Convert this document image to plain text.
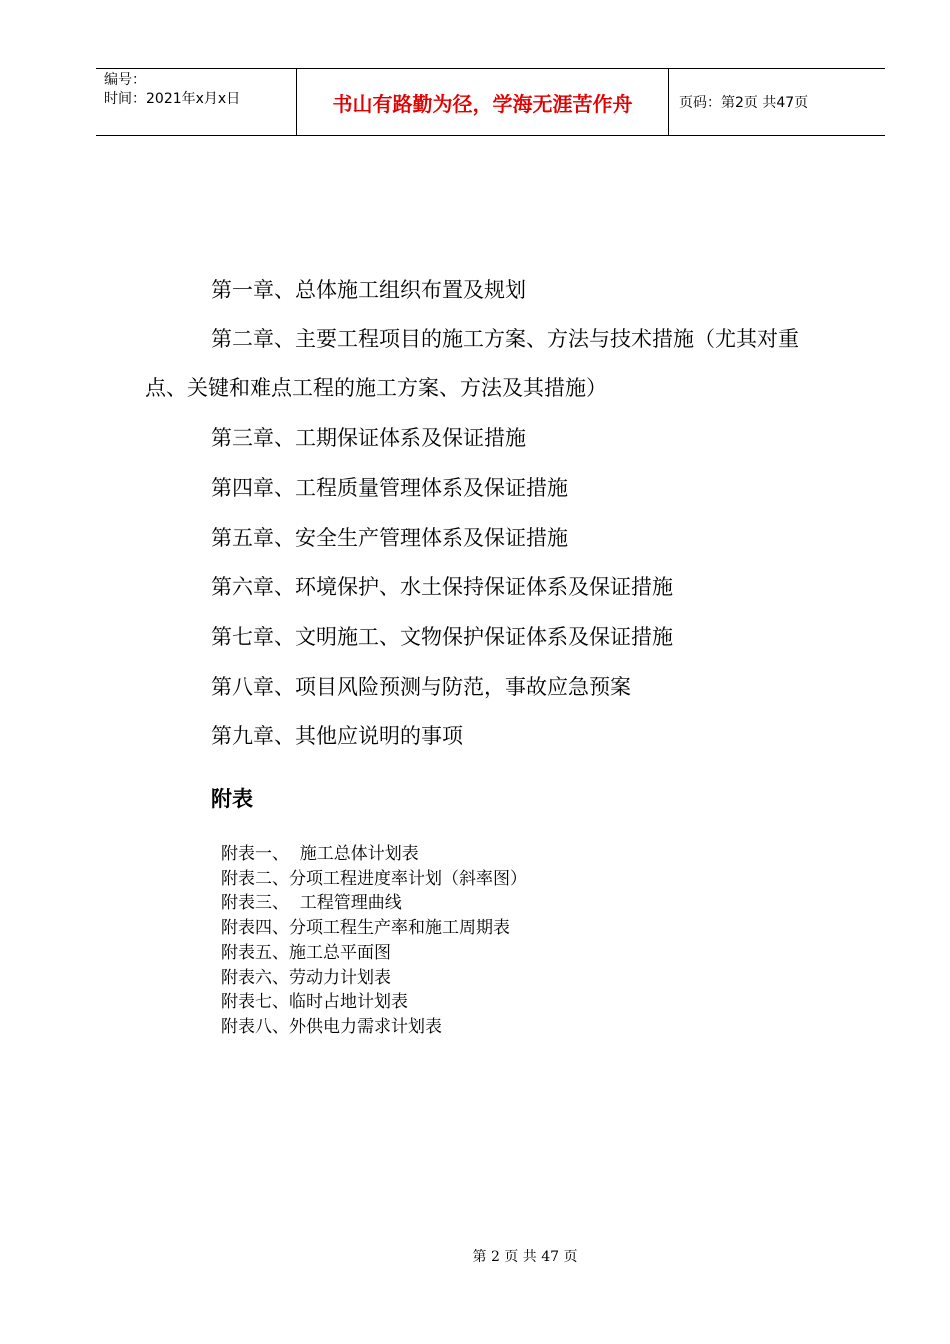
编号：
时间：2021年x月x日	书山有路勤为径，学海无涯苦作舟	页码：第2页 共47页
第一章、总体施工组织布置及规划
第二章、主要工程项目的施工方案、方法与技术措施（尤其对重
点、关键和难点工程的施工方案、方法及其措施）
第三章、工期保证体系及保证措施
第四章、工程质量管理体系及保证措施
第五章、安全生产管理体系及保证措施
第六章、环境保护、水土保持保证体系及保证措施
第七章、文明施工、文物保护保证体系及保证措施
第八章、项目风险预测与防范，事故应急预案
第九章、其他应说明的事项
附表
附表一、  施工总体计划表
附表二、分项工程进度率计划（斜率图）
附表三、  工程管理曲线
附表四、分项工程生产率和施工周期表
附表五、施工总平面图
附表六、劳动力计划表
附表七、临时占地计划表
附表八、外供电力需求计划表
第 2 页 共 47 页
